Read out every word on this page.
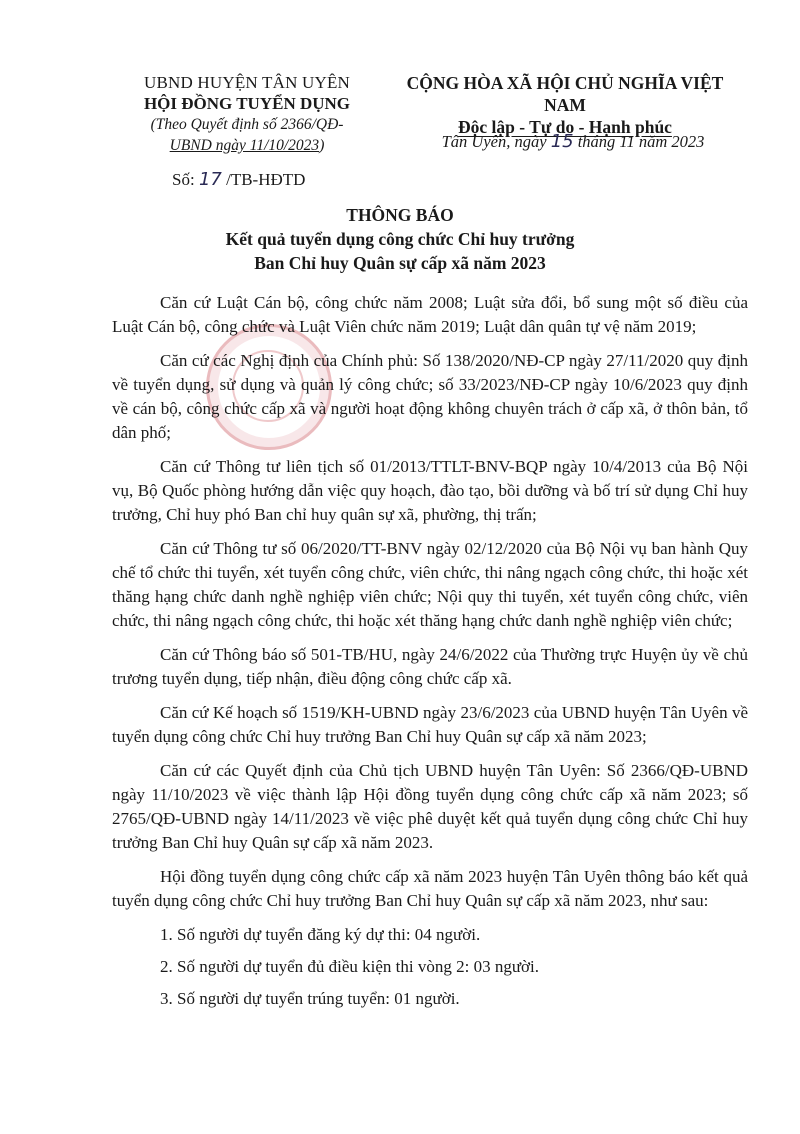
UBND HUYỆN TÂN UYÊN
HỘI ĐỒNG TUYỂN DỤNG
(Theo Quyết định số 2366/QĐ-
UBND ngày 11/10/2023)
CỘNG HÒA XÃ HỘI CHỦ NGHĨA VIỆT NAM
Độc lập - Tự do - Hạnh phúc
Tân Uyên, ngày 15 tháng 11 năm 2023
Số: 17 /TB-HĐTD
THÔNG BÁO
Kết quả tuyển dụng công chức Chỉ huy trưởng
Ban Chỉ huy Quân sự cấp xã năm 2023

Căn cứ Luật Cán bộ, công chức năm 2008; Luật sửa đổi, bổ sung một số điều của Luật Cán bộ, công chức và Luật Viên chức năm 2019; Luật dân quân tự vệ năm 2019;

Căn cứ các Nghị định của Chính phủ: Số 138/2020/NĐ-CP ngày 27/11/2020 quy định về tuyển dụng, sử dụng và quản lý công chức; số 33/2023/NĐ-CP ngày 10/6/2023 quy định về cán bộ, công chức cấp xã và người hoạt động không chuyên trách ở cấp xã, ở thôn bản, tổ dân phố;

Căn cứ Thông tư liên tịch số 01/2013/TTLT-BNV-BQP ngày 10/4/2013 của Bộ Nội vụ, Bộ Quốc phòng hướng dẫn việc quy hoạch, đào tạo, bồi dưỡng và bố trí sử dụng Chỉ huy trưởng, Chỉ huy phó Ban chỉ huy quân sự xã, phường, thị trấn;

Căn cứ Thông tư số 06/2020/TT-BNV ngày 02/12/2020 của Bộ Nội vụ ban hành Quy chế tổ chức thi tuyển, xét tuyển công chức, viên chức, thi nâng ngạch công chức, thi hoặc xét thăng hạng chức danh nghề nghiệp viên chức; Nội quy thi tuyển, xét tuyển công chức, viên chức, thi nâng ngạch công chức, thi hoặc xét thăng hạng chức danh nghề nghiệp viên chức;

Căn cứ Thông báo số 501-TB/HU, ngày 24/6/2022 của Thường trực Huyện ủy về chủ trương tuyển dụng, tiếp nhận, điều động công chức cấp xã.

Căn cứ Kế hoạch số 1519/KH-UBND ngày 23/6/2023 của UBND huyện Tân Uyên về tuyển dụng công chức Chỉ huy trưởng Ban Chỉ huy Quân sự cấp xã năm 2023;

Căn cứ các Quyết định của Chủ tịch UBND huyện Tân Uyên: Số 2366/QĐ-UBND ngày 11/10/2023 về việc thành lập Hội đồng tuyển dụng công chức cấp xã năm 2023; số 2765/QĐ-UBND ngày 14/11/2023 về việc phê duyệt kết quả tuyển dụng công chức Chỉ huy trưởng Ban Chỉ huy Quân sự cấp xã năm 2023.

Hội đồng tuyển dụng công chức cấp xã năm 2023 huyện Tân Uyên thông báo kết quả tuyển dụng công chức Chỉ huy trưởng Ban Chỉ huy Quân sự cấp xã năm 2023, như sau:

1. Số người dự tuyển đăng ký dự thi: 04 người.

2. Số người dự tuyển đủ điều kiện thi vòng 2: 03 người.

3. Số người dự tuyển trúng tuyển: 01 người.
